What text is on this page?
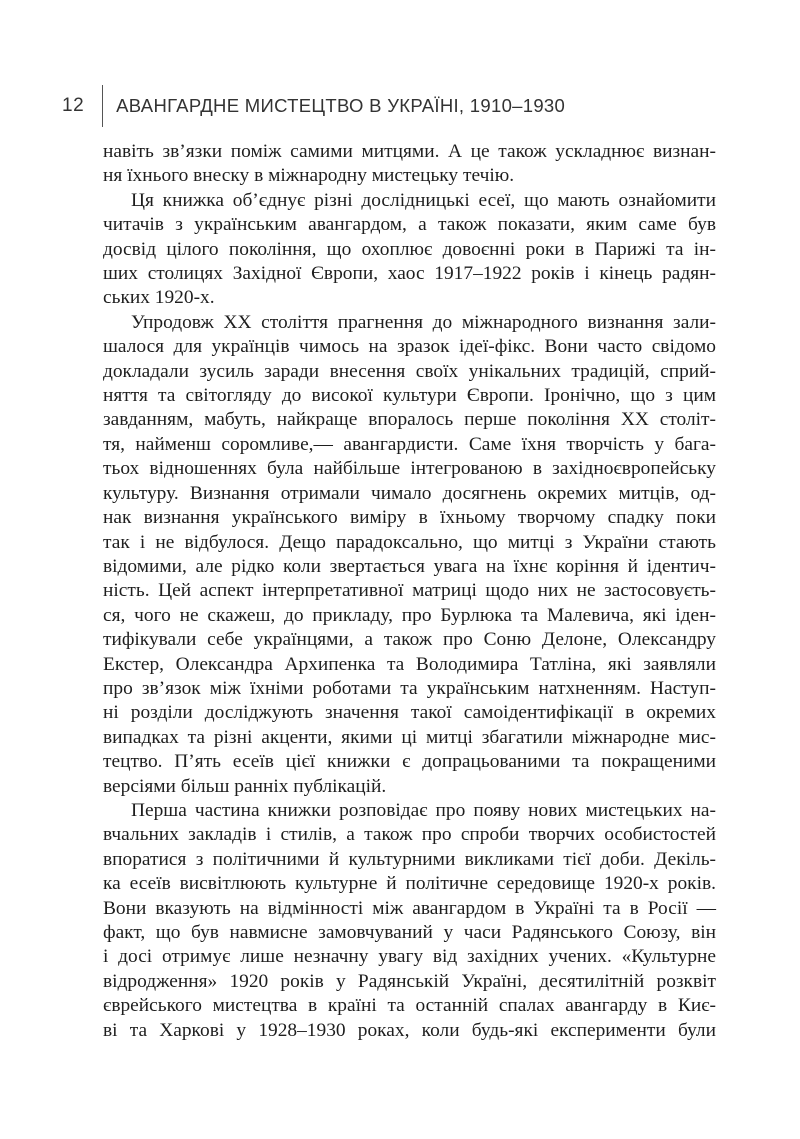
12 АВАНГАРДНЕ МИСТЕЦТВО В УКРАЇНІ, 1910–1930

навіть зв’язки поміж самими митцями. А це також ускладнює визнан-

ня їхнього внеску в міжнародну мистецьку течію.

Ця книжка об’єднує різні дослідницькі есеї, що мають ознайомити

читачів з українським авангардом, а також показати, яким саме був

досвід цілого покоління, що охоплює довоєнні роки в Парижі та ін-

ших столицях Західної Європи, хаос 1917–1922 років і кінець радян-

ських 1920-х.

Упродовж ХХ століття прагнення до міжнародного визнання зали-

шалося для українців чимось на зразок ідеї-фікс. Вони часто свідомо

докладали зусиль заради внесення своїх унікальних традицій, сприй-

няття та світогляду до високої культури Європи. Іронічно, що з цим

завданням, мабуть, найкраще впоралось перше покоління ХХ століт-

тя, найменш соромливе,— авангардисти. Саме їхня творчість у бага-

тьох відношеннях була найбільше інтегрованою в західноєвропейську

культуру. Визнання отримали чимало досягнень окремих митців, од-

нак визнання українського виміру в їхньому творчому спадку поки

так і не відбулося. Дещо парадоксально, що митці з України стають

відомими, але рідко коли звертається увага на їхнє коріння й ідентич-

ність. Цей аспект інтерпретативної матриці щодо них не застосовуєть-

ся, чого не скажеш, до прикладу, про Бурлюка та Малевича, які іден-

тифікували себе українцями, а також про Соню Делоне, Олександру

Екстер, Олександра Архипенка та Володимира Татліна, які заявляли

про зв’язок між їхніми роботами та українським натхненням. Наступ-

ні розділи досліджують значення такої самоідентифікації в окремих

випадках та різні акценти, якими ці митці збагатили міжнародне мис-

тецтво. П’ять есеїв цієї книжки є допрацьованими та покращеними

версіями більш ранніх публікацій.

Перша частина книжки розповідає про появу нових мистецьких на-

вчальних закладів і стилів, а також про спроби творчих особистостей

впоратися з політичними й культурними викликами тієї доби. Декіль-

ка есеїв висвітлюють культурне й політичне середовище 1920-х років.

Вони вказують на відмінності між авангардом в Україні та в Росії —

факт, що був навмисне замовчуваний у часи Радянського Союзу, він

і досі отримує лише незначну увагу від західних учених. «Культурне

відродження» 1920 років у Радянській Україні, десятилітній розквіт

єврейського мистецтва в країні та останній спалах авангарду в Киє-

ві та Харкові у 1928–1930 роках, коли будь-які експерименти були
